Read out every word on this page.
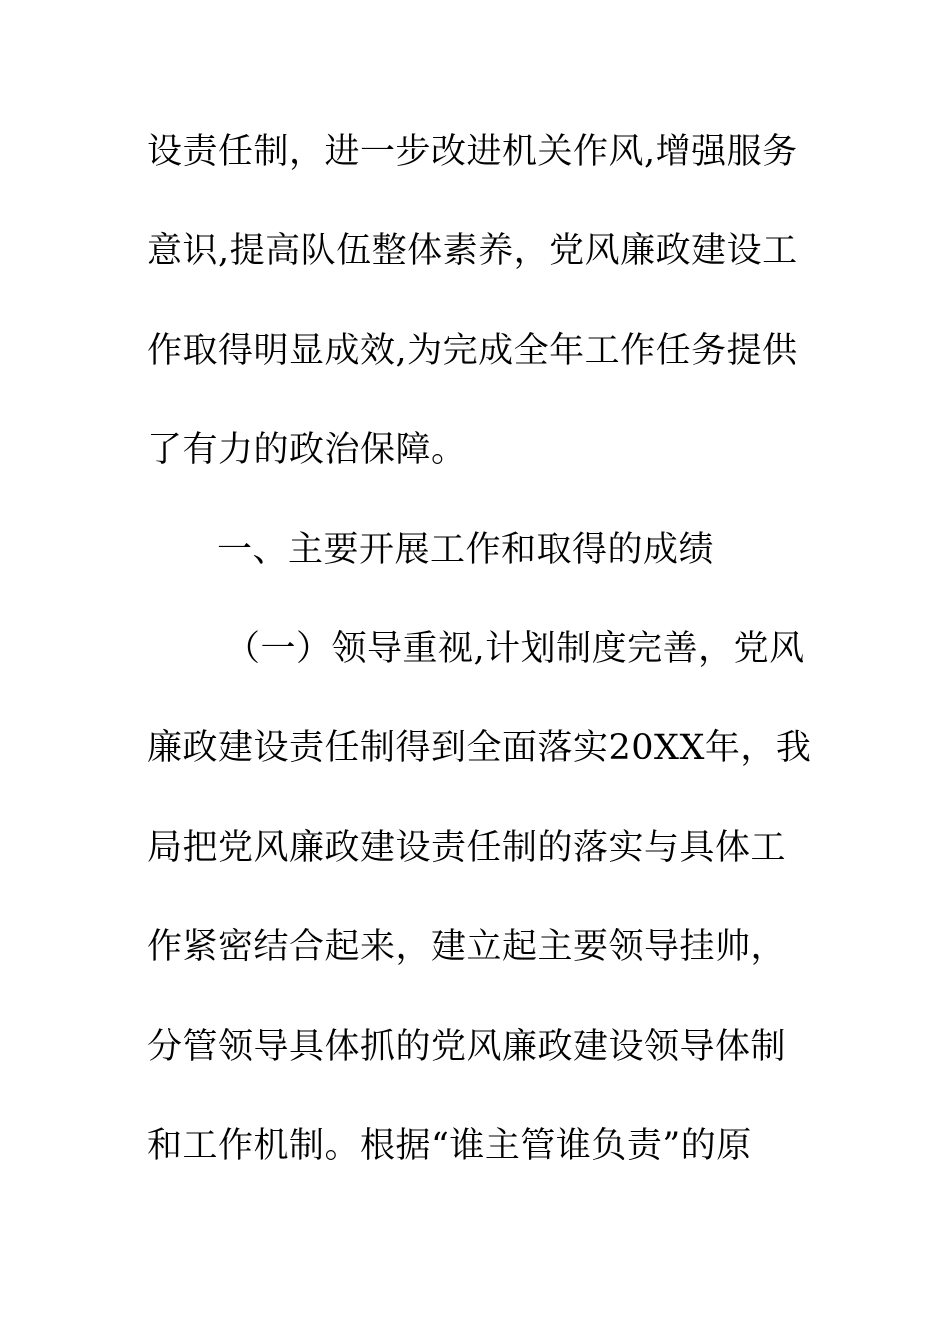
设责任制，进一步改进机关作风,增强服务
意识,提高队伍整体素养，党风廉政建设工
作取得明显成效,为完成全年工作任务提供
了有力的政治保障。
一、主要开展工作和取得的成绩
（一）领导重视,计划制度完善，党风
廉政建设责任制得到全面落实20XX年，我
局把党风廉政建设责任制的落实与具体工
作紧密结合起来，建立起主要领导挂帅，
分管领导具体抓的党风廉政建设领导体制
和工作机制。根据“谁主管谁负责”的原
